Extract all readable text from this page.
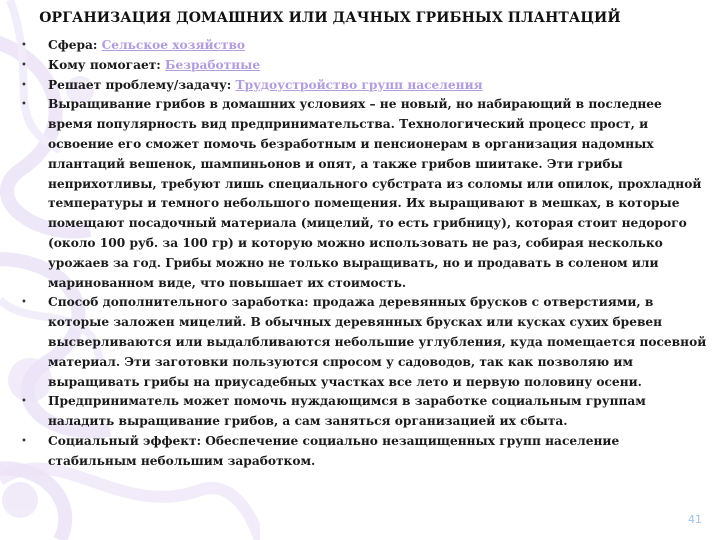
ОРГАНИЗАЦИЯ ДОМАШНИХ ИЛИ ДАЧНЫХ ГРИБНЫХ ПЛАНТАЦИЙ
• Сфера: Сельское хозяйство
• Кому помогает: Безработные
• Решает проблему/задачу: Трудоустройство групп населения
• Выращивание грибов в домашних условиях – не новый, но набирающий в последнее время популярность вид предпринимательства. Технологический процесс прост, и освоение его сможет помочь безработным и пенсионерам в организация надомных плантаций вешенок, шампиньонов и опят, а также грибов шиитаке. Эти грибы неприхотливы, требуют лишь специального субстрата из соломы или опилок, прохладной температуры и темного небольшого помещения. Их выращивают в мешках, в которые помещают посадочный материала (мицелий, то есть грибницу), которая стоит недорого (около 100 руб. за 100 гр) и которую можно использовать не раз, собирая несколько урожаев за год. Грибы можно не только выращивать, но и продавать в соленом или маринованном виде, что повышает их стоимость.
• Способ дополнительного заработка: продажа деревянных брусков с отверстиями, в которые заложен мицелий. В обычных деревянных брусках или кусках сухих бревен высверливаются или выдалбливаются небольшие углубления, куда помещается посевной материал. Эти заготовки пользуются спросом у садоводов, так как позволяю им выращивать грибы на приусадебных участках все лето и первую половину осени.
• Предприниматель может помочь нуждающимся в заработке социальным группам наладить выращивание грибов, а сам заняться организацией их сбыта.
• Социальный эффект: Обеспечение социально незащищенных групп население стабильным небольшим заработком.
41
